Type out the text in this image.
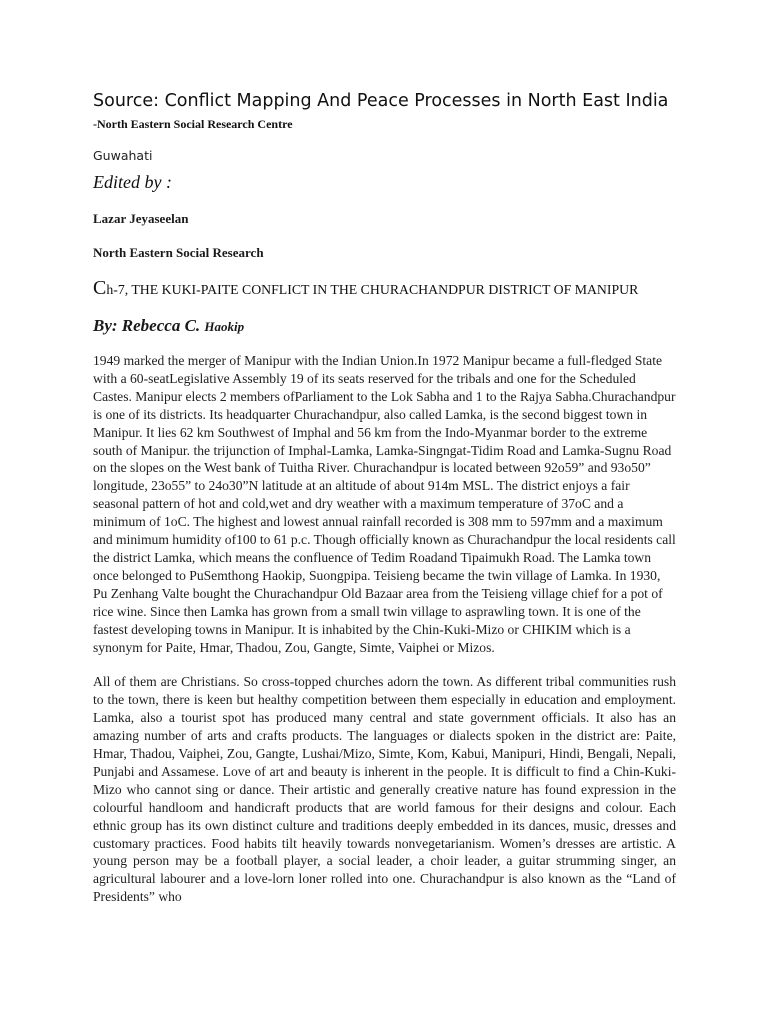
Source: Conflict Mapping And Peace Processes in North East India -North Eastern Social Research Centre

Guwahati
Edited by :
Lazar Jeyaseelan
North Eastern Social Research
Ch-7, THE KUKI-PAITE CONFLICT IN THE CHURACHANDPUR DISTRICT OF MANIPUR
By: Rebecca C. Haokip

1949 marked the merger of Manipur with the Indian Union.In 1972 Manipur became a full-fledged State with a 60-seatLegislative Assembly 19 of its seats reserved for the tribals and one for the Scheduled Castes. Manipur elects 2 members ofParliament to the Lok Sabha and 1 to the Rajya Sabha.Churachandpur is one of its districts. Its headquarter Churachandpur, also called Lamka, is the second biggest town in Manipur. It lies 62 km Southwest of Imphal and 56 km from the Indo-Myanmar border to the extreme south of Manipur. the trijunction of Imphal-Lamka, Lamka-Singngat-Tidim Road and Lamka-Sugnu Road on the slopes on the West bank of Tuitha River. Churachandpur is located between 92o59” and 93o50” longitude, 23o55” to 24o30”N latitude at an altitude of about 914m MSL. The district enjoys a fair seasonal pattern of hot and cold,wet and dry weather with a maximum temperature of 37oC and a minimum of 1oC. The highest and lowest annual rainfall recorded is 308 mm to 597mm and a maximum and minimum humidity of100 to 61 p.c. Though officially known as Churachandpur the local residents call the district Lamka, which means the confluence of Tedim Roadand Tipaimukh Road. The Lamka town once belonged to PuSemthong Haokip, Suongpipa. Teisieng became the twin village of Lamka. In 1930, Pu Zenhang Valte bought the Churachandpur Old Bazaar area from the Teisieng village chief for a pot of rice wine. Since then Lamka has grown from a small twin village to asprawling town. It is one of the fastest developing towns in Manipur. It is inhabited by the Chin-Kuki-Mizo or CHIKIM which is a synonym for Paite, Hmar, Thadou, Zou, Gangte, Simte, Vaiphei or Mizos.

All of them are Christians. So cross-topped churches adorn the town. As different tribal communities rush to the town, there is keen but healthy competition between them especially in education and employment. Lamka, also a tourist spot has produced many central and state government officials. It also has an amazing number of arts and crafts products. The languages or dialects spoken in the district are: Paite, Hmar, Thadou, Vaiphei, Zou, Gangte, Lushai/Mizo, Simte, Kom, Kabui, Manipuri, Hindi, Bengali, Nepali, Punjabi and Assamese. Love of art and beauty is inherent in the people. It is difficult to find a Chin-Kuki-Mizo who cannot sing or dance. Their artistic and generally creative nature has found expression in the colourful handloom and handicraft products that are world famous for their designs and colour. Each ethnic group has its own distinct culture and traditions deeply embedded in its dances, music, dresses and customary practices. Food habits tilt heavily towards nonvegetarianism. Women’s dresses are artistic. A young person may be a football player, a social leader, a choir leader, a guitar strumming singer, an agricultural labourer and a love-lorn loner rolled into one. Churachandpur is also known as the “Land of Presidents” who
